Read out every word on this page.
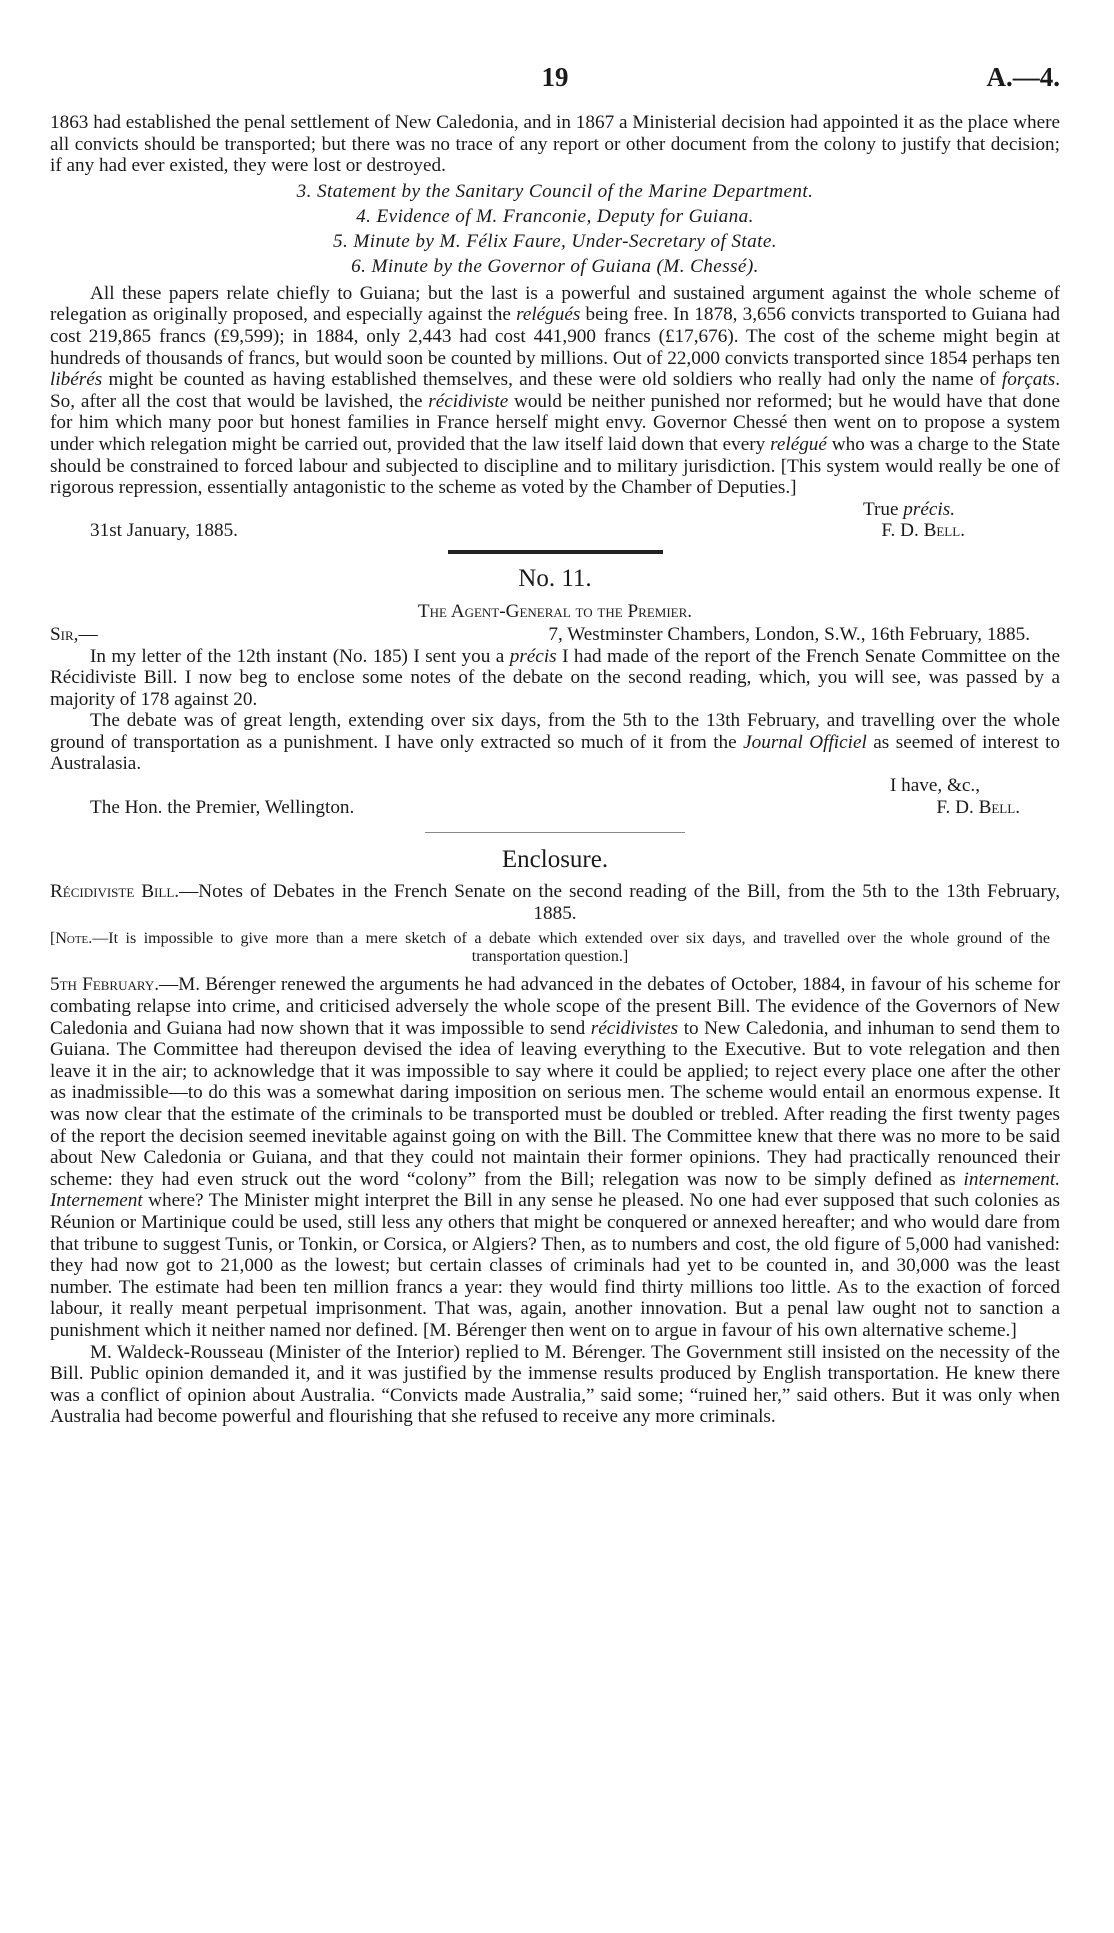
19	A.—4.

1863 had established the penal settlement of New Caledonia, and in 1867 a Ministerial decision had appointed it as the place where all convicts should be transported; but there was no trace of any report or other document from the colony to justify that decision; if any had ever existed, they were lost or destroyed.

3. Statement by the Sanitary Council of the Marine Department.
4. Evidence of M. Franconie, Deputy for Guiana.
5. Minute by M. Félix Faure, Under-Secretary of State.
6. Minute by the Governor of Guiana (M. Chessé).

All these papers relate chiefly to Guiana; but the last is a powerful and sustained argument against the whole scheme of relegation as originally proposed, and especially against the relégués being free. In 1878, 3,656 convicts transported to Guiana had cost 219,865 francs (£9,599); in 1884, only 2,443 had cost 441,900 francs (£17,676). The cost of the scheme might begin at hundreds of thousands of francs, but would soon be counted by millions. Out of 22,000 convicts transported since 1854 perhaps ten libérés might be counted as having established themselves, and these were old soldiers who really had only the name of forçats. So, after all the cost that would be lavished, the récidiviste would be neither punished nor reformed; but he would have that done for him which many poor but honest families in France herself might envy. Governor Chessé then went on to propose a system under which relegation might be carried out, provided that the law itself laid down that every relégué who was a charge to the State should be constrained to forced labour and subjected to discipline and to military jurisdiction. [This system would really be one of rigorous repression, essentially antagonistic to the scheme as voted by the Chamber of Deputies.]

True précis.
31st January, 1885.	F. D. Bell.
No. 11.
The Agent-General to the Premier.
Sir,—	7, Westminster Chambers, London, S.W., 16th February, 1885.

In my letter of the 12th instant (No. 185) I sent you a précis I had made of the report of the French Senate Committee on the Récidiviste Bill. I now beg to enclose some notes of the debate on the second reading, which, you will see, was passed by a majority of 178 against 20.

The debate was of great length, extending over six days, from the 5th to the 13th February, and travelling over the whole ground of transportation as a punishment. I have only extracted so much of it from the Journal Officiel as seemed of interest to Australasia.

I have, &c.,
The Hon. the Premier, Wellington.	F. D. Bell.
Enclosure.

Récidiviste Bill.—Notes of Debates in the French Senate on the second reading of the Bill, from the 5th to the 13th February, 1885.

[Note.—It is impossible to give more than a mere sketch of a debate which extended over six days, and travelled over the whole ground of the transportation question.]

5th February.—M. Bérenger renewed the arguments he had advanced in the debates of October, 1884, in favour of his scheme for combating relapse into crime, and criticised adversely the whole scope of the present Bill. The evidence of the Governors of New Caledonia and Guiana had now shown that it was impossible to send récidivistes to New Caledonia, and inhuman to send them to Guiana. The Committee had thereupon devised the idea of leaving everything to the Executive. But to vote relegation and then leave it in the air; to acknowledge that it was impossible to say where it could be applied; to reject every place one after the other as inadmissible—to do this was a somewhat daring imposition on serious men. The scheme would entail an enormous expense. It was now clear that the estimate of the criminals to be transported must be doubled or trebled. After reading the first twenty pages of the report the decision seemed inevitable against going on with the Bill. The Committee knew that there was no more to be said about New Caledonia or Guiana, and that they could not maintain their former opinions. They had practically renounced their scheme: they had even struck out the word “colony” from the Bill; relegation was now to be simply defined as internement. Internement where? The Minister might interpret the Bill in any sense he pleased. No one had ever supposed that such colonies as Réunion or Martinique could be used, still less any others that might be conquered or annexed hereafter; and who would dare from that tribune to suggest Tunis, or Tonkin, or Corsica, or Algiers? Then, as to numbers and cost, the old figure of 5,000 had vanished: they had now got to 21,000 as the lowest; but certain classes of criminals had yet to be counted in, and 30,000 was the least number. The estimate had been ten million francs a year: they would find thirty millions too little. As to the exaction of forced labour, it really meant perpetual imprisonment. That was, again, another innovation. But a penal law ought not to sanction a punishment which it neither named nor defined. [M. Bérenger then went on to argue in favour of his own alternative scheme.]

M. Waldeck-Rousseau (Minister of the Interior) replied to M. Bérenger. The Government still insisted on the necessity of the Bill. Public opinion demanded it, and it was justified by the immense results produced by English transportation. He knew there was a conflict of opinion about Australia. “Convicts made Australia,” said some; “ruined her,” said others. But it was only when Australia had become powerful and flourishing that she refused to receive any more criminals.
